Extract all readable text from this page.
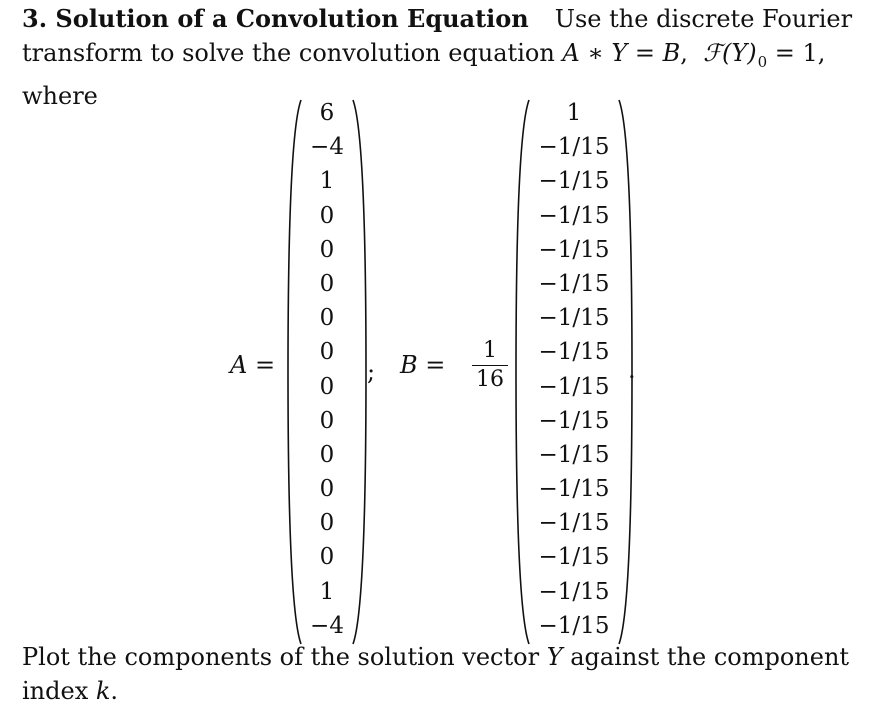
3. Solution of a Convolution Equation Use the discrete Fourier
transform to solve the convolution equation A ∗ Y = B, $ℱ(Y)_0 = 1$,
where
A =
6
−4
1
0
0
0
0
0
0
0
0
0
0
0
1
−4
; B =
1
16
1
−1/15
−1/15
−1/15
−1/15
−1/15
−1/15
−1/15
−1/15
−1/15
−1/15
−1/15
−1/15
−1/15
−1/15
−1/15
.
Plot the components of the solution vector Y against the component
index k.
